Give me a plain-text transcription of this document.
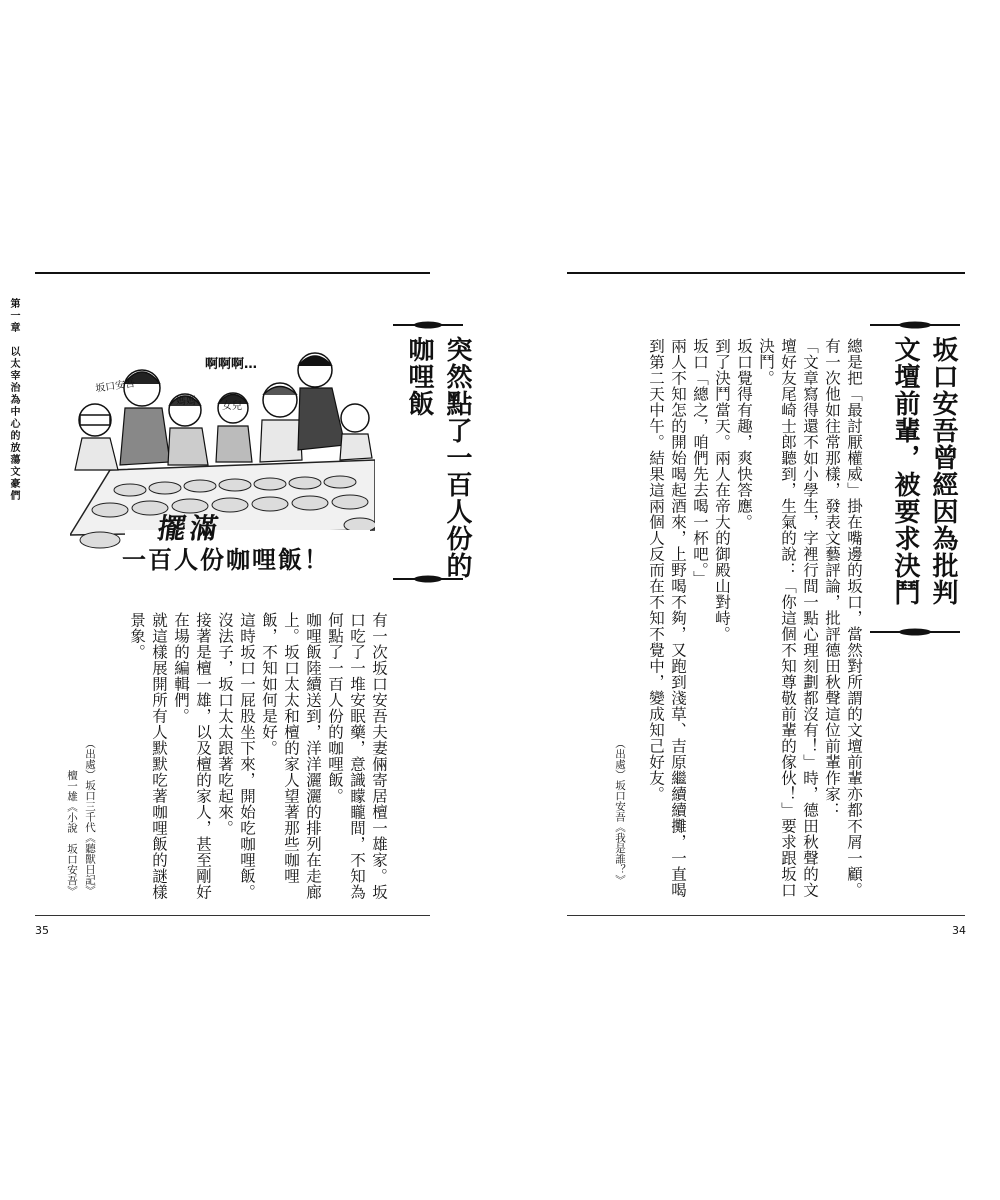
第一章　以太宰治為中心的放蕩文豪們	突然點了一百人份的咖哩飯
擺滿
一百人份咖哩飯！
啊啊啊…
坂口安吾
媽媽	女兒

有一次坂口安吾夫妻倆寄居檀一雄家。坂口吃了一堆安眠藥，意識矇矓間，不知為何點了一百人份的咖哩飯。

咖哩飯陸續送到，洋洋灑灑的排列在走廊上。坂口太太和檀的家人望著那些咖哩飯，不知如何是好。

這時坂口一屁股坐下來，開始吃咖哩飯。

沒法子，坂口太太跟著吃起來。

接著是檀一雄，以及檀的家人，甚至剛好在場的編輯們。

就這樣展開所有人默默吃著咖哩飯的謎樣景象。

（出處）坂口三千代《聽獸日記》
檀一雄《小說　坂口安吾》
35
坂口安吾曾經因為批判文壇前輩，被要求決鬥

總是把「最討厭權威」掛在嘴邊的坂口，當然對所謂的文壇前輩亦都不屑一顧。

有一次他如往常那樣，發表文藝評論，批評德田秋聲這位前輩作家：

「文章寫得還不如小學生，字裡行間一點心理刻劃都沒有！」時，德田秋聲的文壇好友尾崎士郎聽到，生氣的說：「你這個不知尊敬前輩的傢伙！」要求跟坂口決鬥。

坂口覺得有趣，爽快答應。

到了決鬥當天。兩人在帝大的御殿山對峙。

坂口「總之，咱們先去喝一杯吧。」

兩人不知怎的開始喝起酒來，上野喝不夠，又跑到淺草、吉原繼續續攤，一直喝到第二天中午。結果這兩個人反而在不知不覺中，變成知己好友。

（出處）坂口安吾《我是誰？》
34
